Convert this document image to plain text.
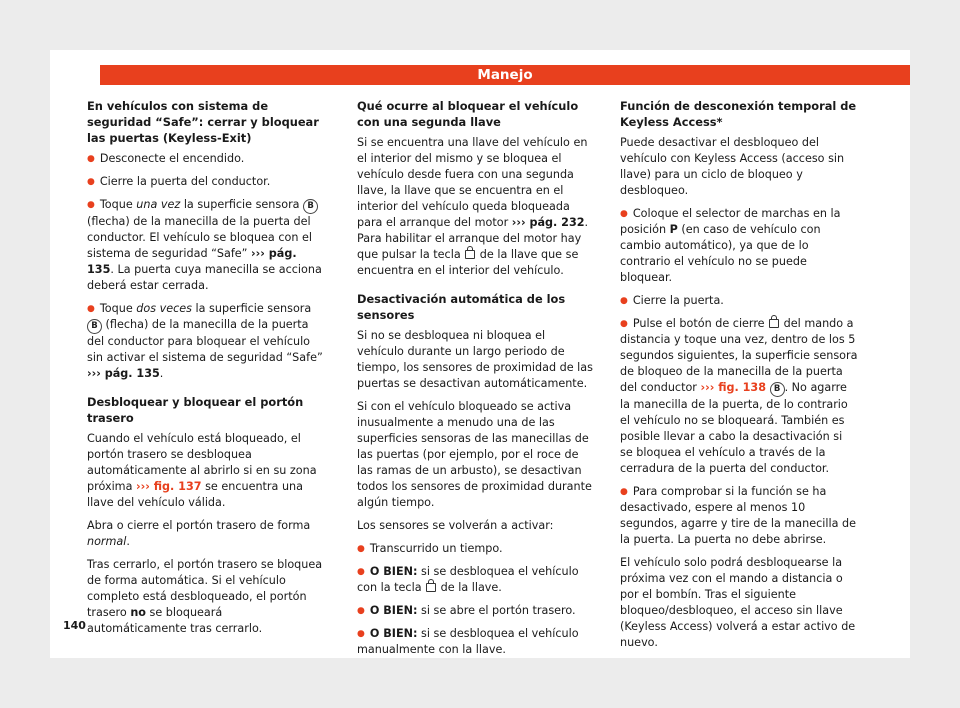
Manejo
En vehículos con sistema de seguridad “Safe”: cerrar y bloquear las puertas (Keyless-Exit)

● Desconecte el encendido.

● Cierre la puerta del conductor.

● Toque una vez la superficie sensora B (flecha) de la manecilla de la puerta del conductor. El vehículo se bloquea con el sistema de seguridad “Safe” ››› pág. 135. La puerta cuya manecilla se acciona deberá estar cerrada.

● Toque dos veces la superficie sensora B (flecha) de la manecilla de la puerta del conductor para bloquear el vehículo sin activar el sistema de seguridad “Safe” ››› pág. 135.

Desbloquear y bloquear el portón trasero

Cuando el vehículo está bloqueado, el portón trasero se desbloquea automáticamente al abrirlo si en su zona próxima ››› fig. 137 se encuentra una llave del vehículo válida.

Abra o cierre el portón trasero de forma normal.

Tras cerrarlo, el portón trasero se bloquea de forma automática. Si el vehículo completo está desbloqueado, el portón trasero no se bloqueará automáticamente tras cerrarlo.

Qué ocurre al bloquear el vehículo con una segunda llave

Si se encuentra una llave del vehículo en el interior del mismo y se bloquea el vehículo desde fuera con una segunda llave, la llave que se encuentra en el interior del vehículo queda bloqueada para el arranque del motor ››› pág. 232. Para habilitar el arranque del motor hay que pulsar la tecla  de la llave que se encuentra en el interior del vehículo.

Desactivación automática de los sensores

Si no se desbloquea ni bloquea el vehículo durante un largo periodo de tiempo, los sensores de proximidad de las puertas se desactivan automáticamente.

Si con el vehículo bloqueado se activa inusualmente a menudo una de las superficies sensoras de las manecillas de las puertas (por ejemplo, por el roce de las ramas de un arbusto), se desactivan todos los sensores de proximidad durante algún tiempo.

Los sensores se volverán a activar:

● Transcurrido un tiempo.

● O BIEN: si se desbloquea el vehículo con la tecla  de la llave.

● O BIEN: si se abre el portón trasero.

● O BIEN: si se desbloquea el vehículo manualmente con la llave.

Función de desconexión temporal de Keyless Access*

Puede desactivar el desbloqueo del vehículo con Keyless Access (acceso sin llave) para un ciclo de bloqueo y desbloqueo.

● Coloque el selector de marchas en la posición P (en caso de vehículo con cambio automático), ya que de lo contrario el vehículo no se puede bloquear.

● Cierre la puerta.

● Pulse el botón de cierre  del mando a distancia y toque una vez, dentro de los 5 segundos siguientes, la superficie sensora de bloqueo de la manecilla de la puerta del conductor ››› fig. 138 B . No agarre la manecilla de la puerta, de lo contrario el vehículo no se bloqueará. También es posible llevar a cabo la desactivación si se bloquea el vehículo a través de la cerradura de la puerta del conductor.

● Para comprobar si la función se ha desactivado, espere al menos 10 segundos, agarre y tire de la manecilla de la puerta. La puerta no debe abrirse.

El vehículo solo podrá desbloquearse la próxima vez con el mando a distancia o por el bombín. Tras el siguiente bloqueo/desbloqueo, el acceso sin llave (Keyless Access) volverá a estar activo de nuevo.

140
